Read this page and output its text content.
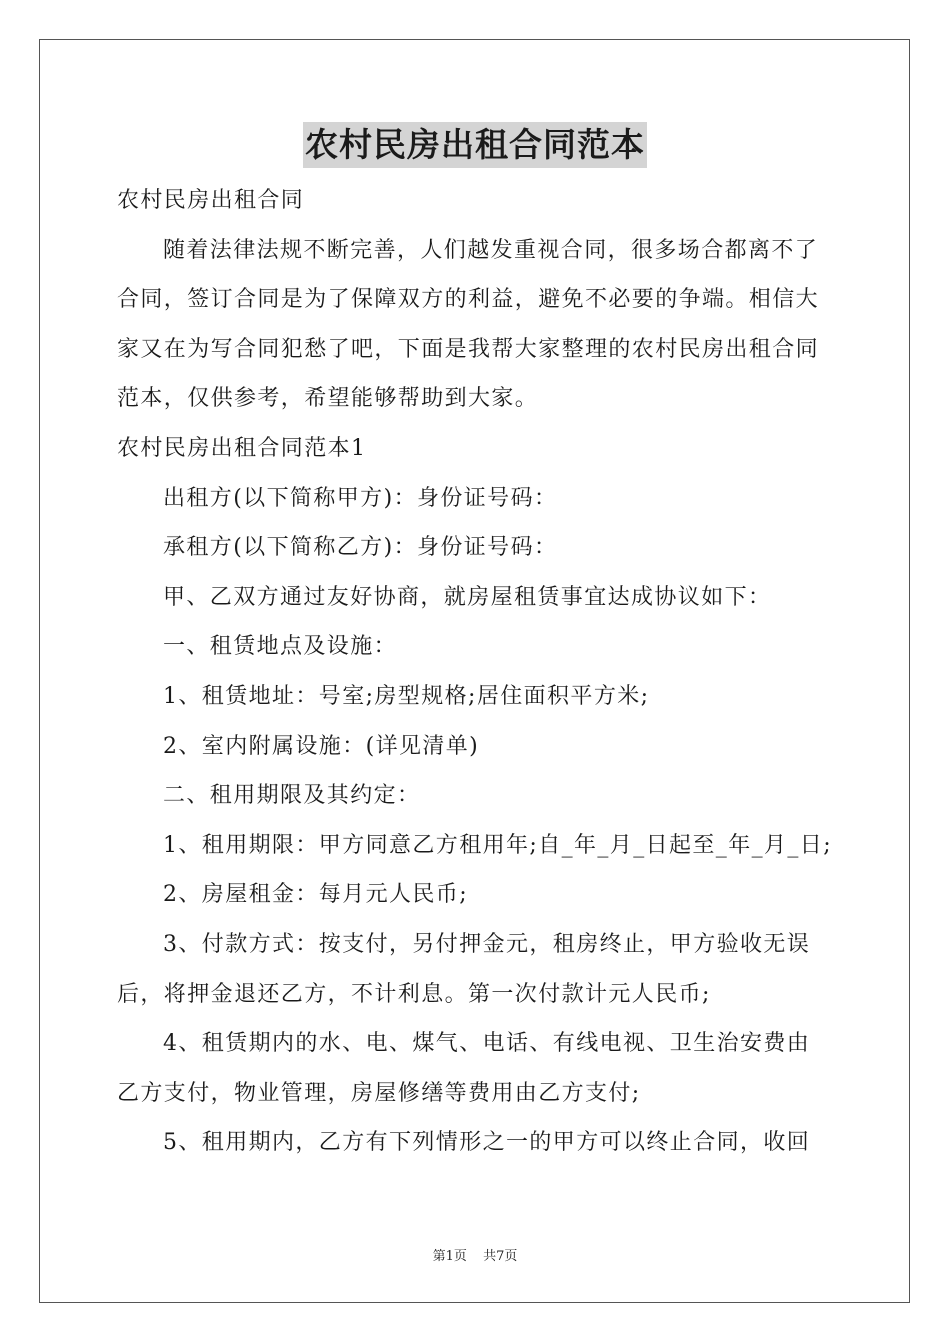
农村民房出租合同范本
农村民房出租合同
随着法律法规不断完善，人们越发重视合同，很多场合都离不了
合同，签订合同是为了保障双方的利益，避免不必要的争端。相信大
家又在为写合同犯愁了吧，下面是我帮大家整理的农村民房出租合同
范本，仅供参考，希望能够帮助到大家。
农村民房出租合同范本1
出租方(以下简称甲方)：身份证号码：
承租方(以下简称乙方)：身份证号码：
甲、乙双方通过友好协商，就房屋租赁事宜达成协议如下：
一、租赁地点及设施：
1、租赁地址：号室;房型规格;居住面积平方米;
2、室内附属设施：(详见清单)
二、租用期限及其约定：
1、租用期限：甲方同意乙方租用年;自_年_月_日起至_年_月_日;
2、房屋租金：每月元人民币;
3、付款方式：按支付，另付押金元，租房终止，甲方验收无误
后，将押金退还乙方，不计利息。第一次付款计元人民币;
4、租赁期内的水、电、煤气、电话、有线电视、卫生治安费由
乙方支付，物业管理，房屋修缮等费用由乙方支付;
5、租用期内，乙方有下列情形之一的甲方可以终止合同，收回
第1页 共7页
